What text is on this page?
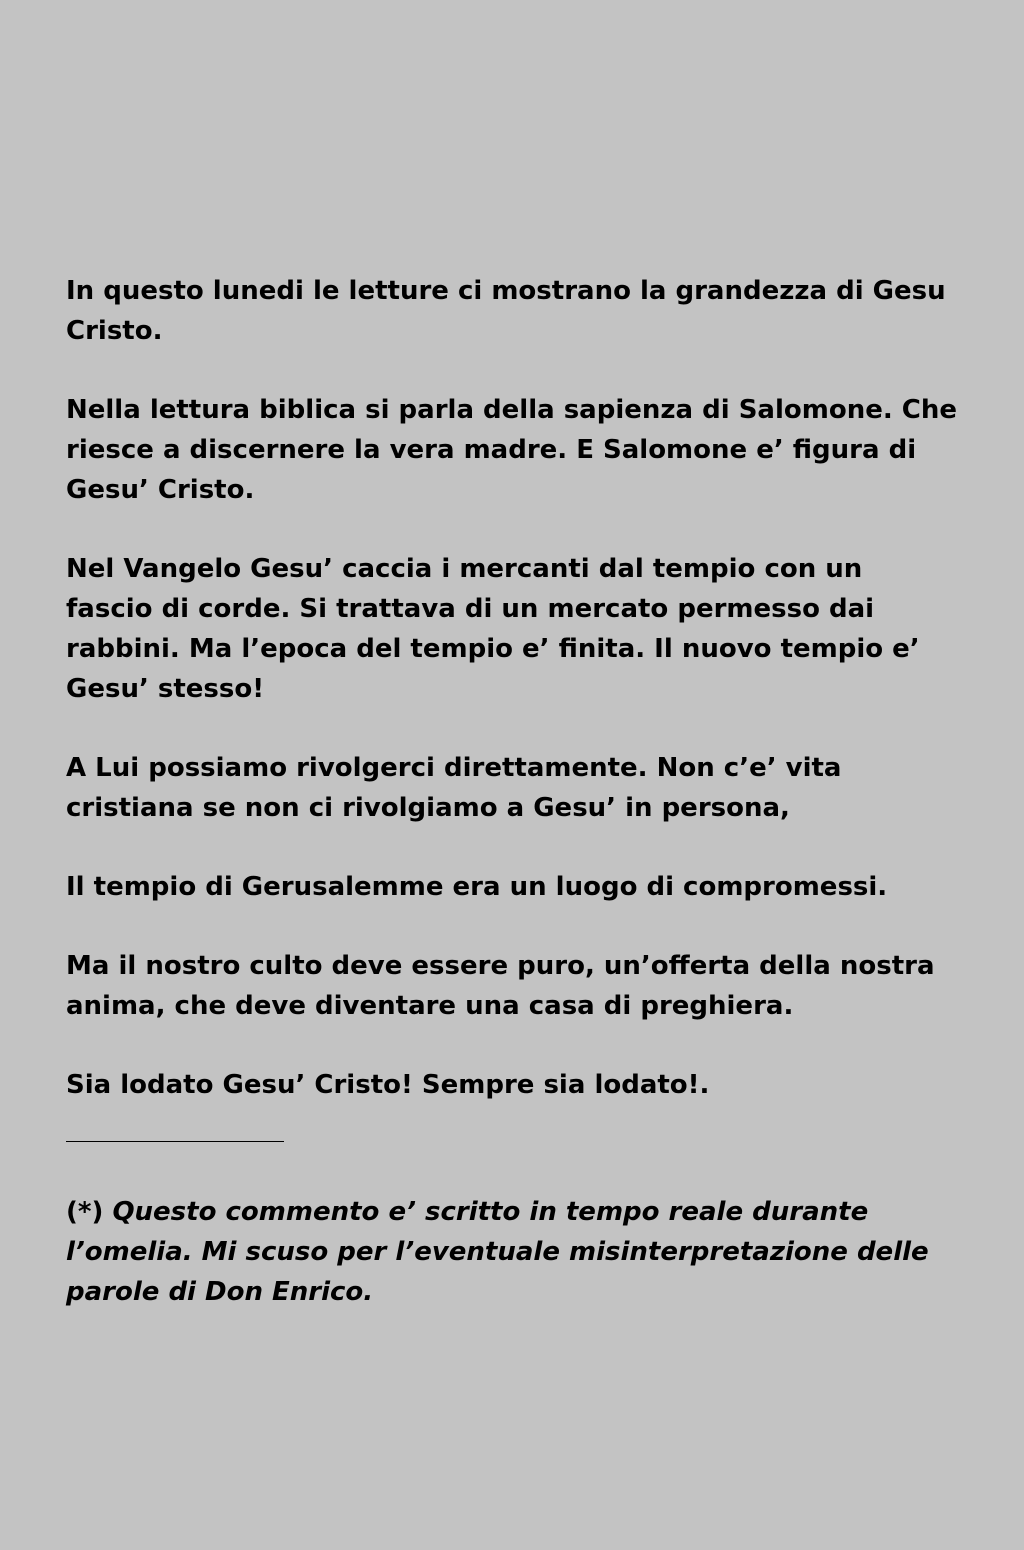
In questo lunedi le letture ci mostrano la grandezza di Gesu
Cristo.

Nella lettura biblica si parla della sapienza di Salomone. Che
riesce a discernere la vera madre. E Salomone e’ figura di
Gesu’ Cristo.

Nel Vangelo Gesu’ caccia i mercanti dal tempio con un
fascio di corde. Si trattava di un mercato permesso dai
rabbini. Ma l’epoca del tempio e’ finita. Il nuovo tempio e’
Gesu’ stesso!

A Lui possiamo rivolgerci direttamente. Non c’e’ vita
cristiana se non ci rivolgiamo a Gesu’ in persona,

Il tempio di Gerusalemme era un luogo di compromessi.

Ma il nostro culto deve essere puro, un’offerta della nostra
anima, che deve diventare una casa di preghiera.

Sia lodato Gesu’ Cristo! Sempre sia lodato!.

(*) Questo commento e’ scritto in tempo reale durante
l’omelia. Mi scuso per l’eventuale misinterpretazione delle
parole di Don Enrico.
